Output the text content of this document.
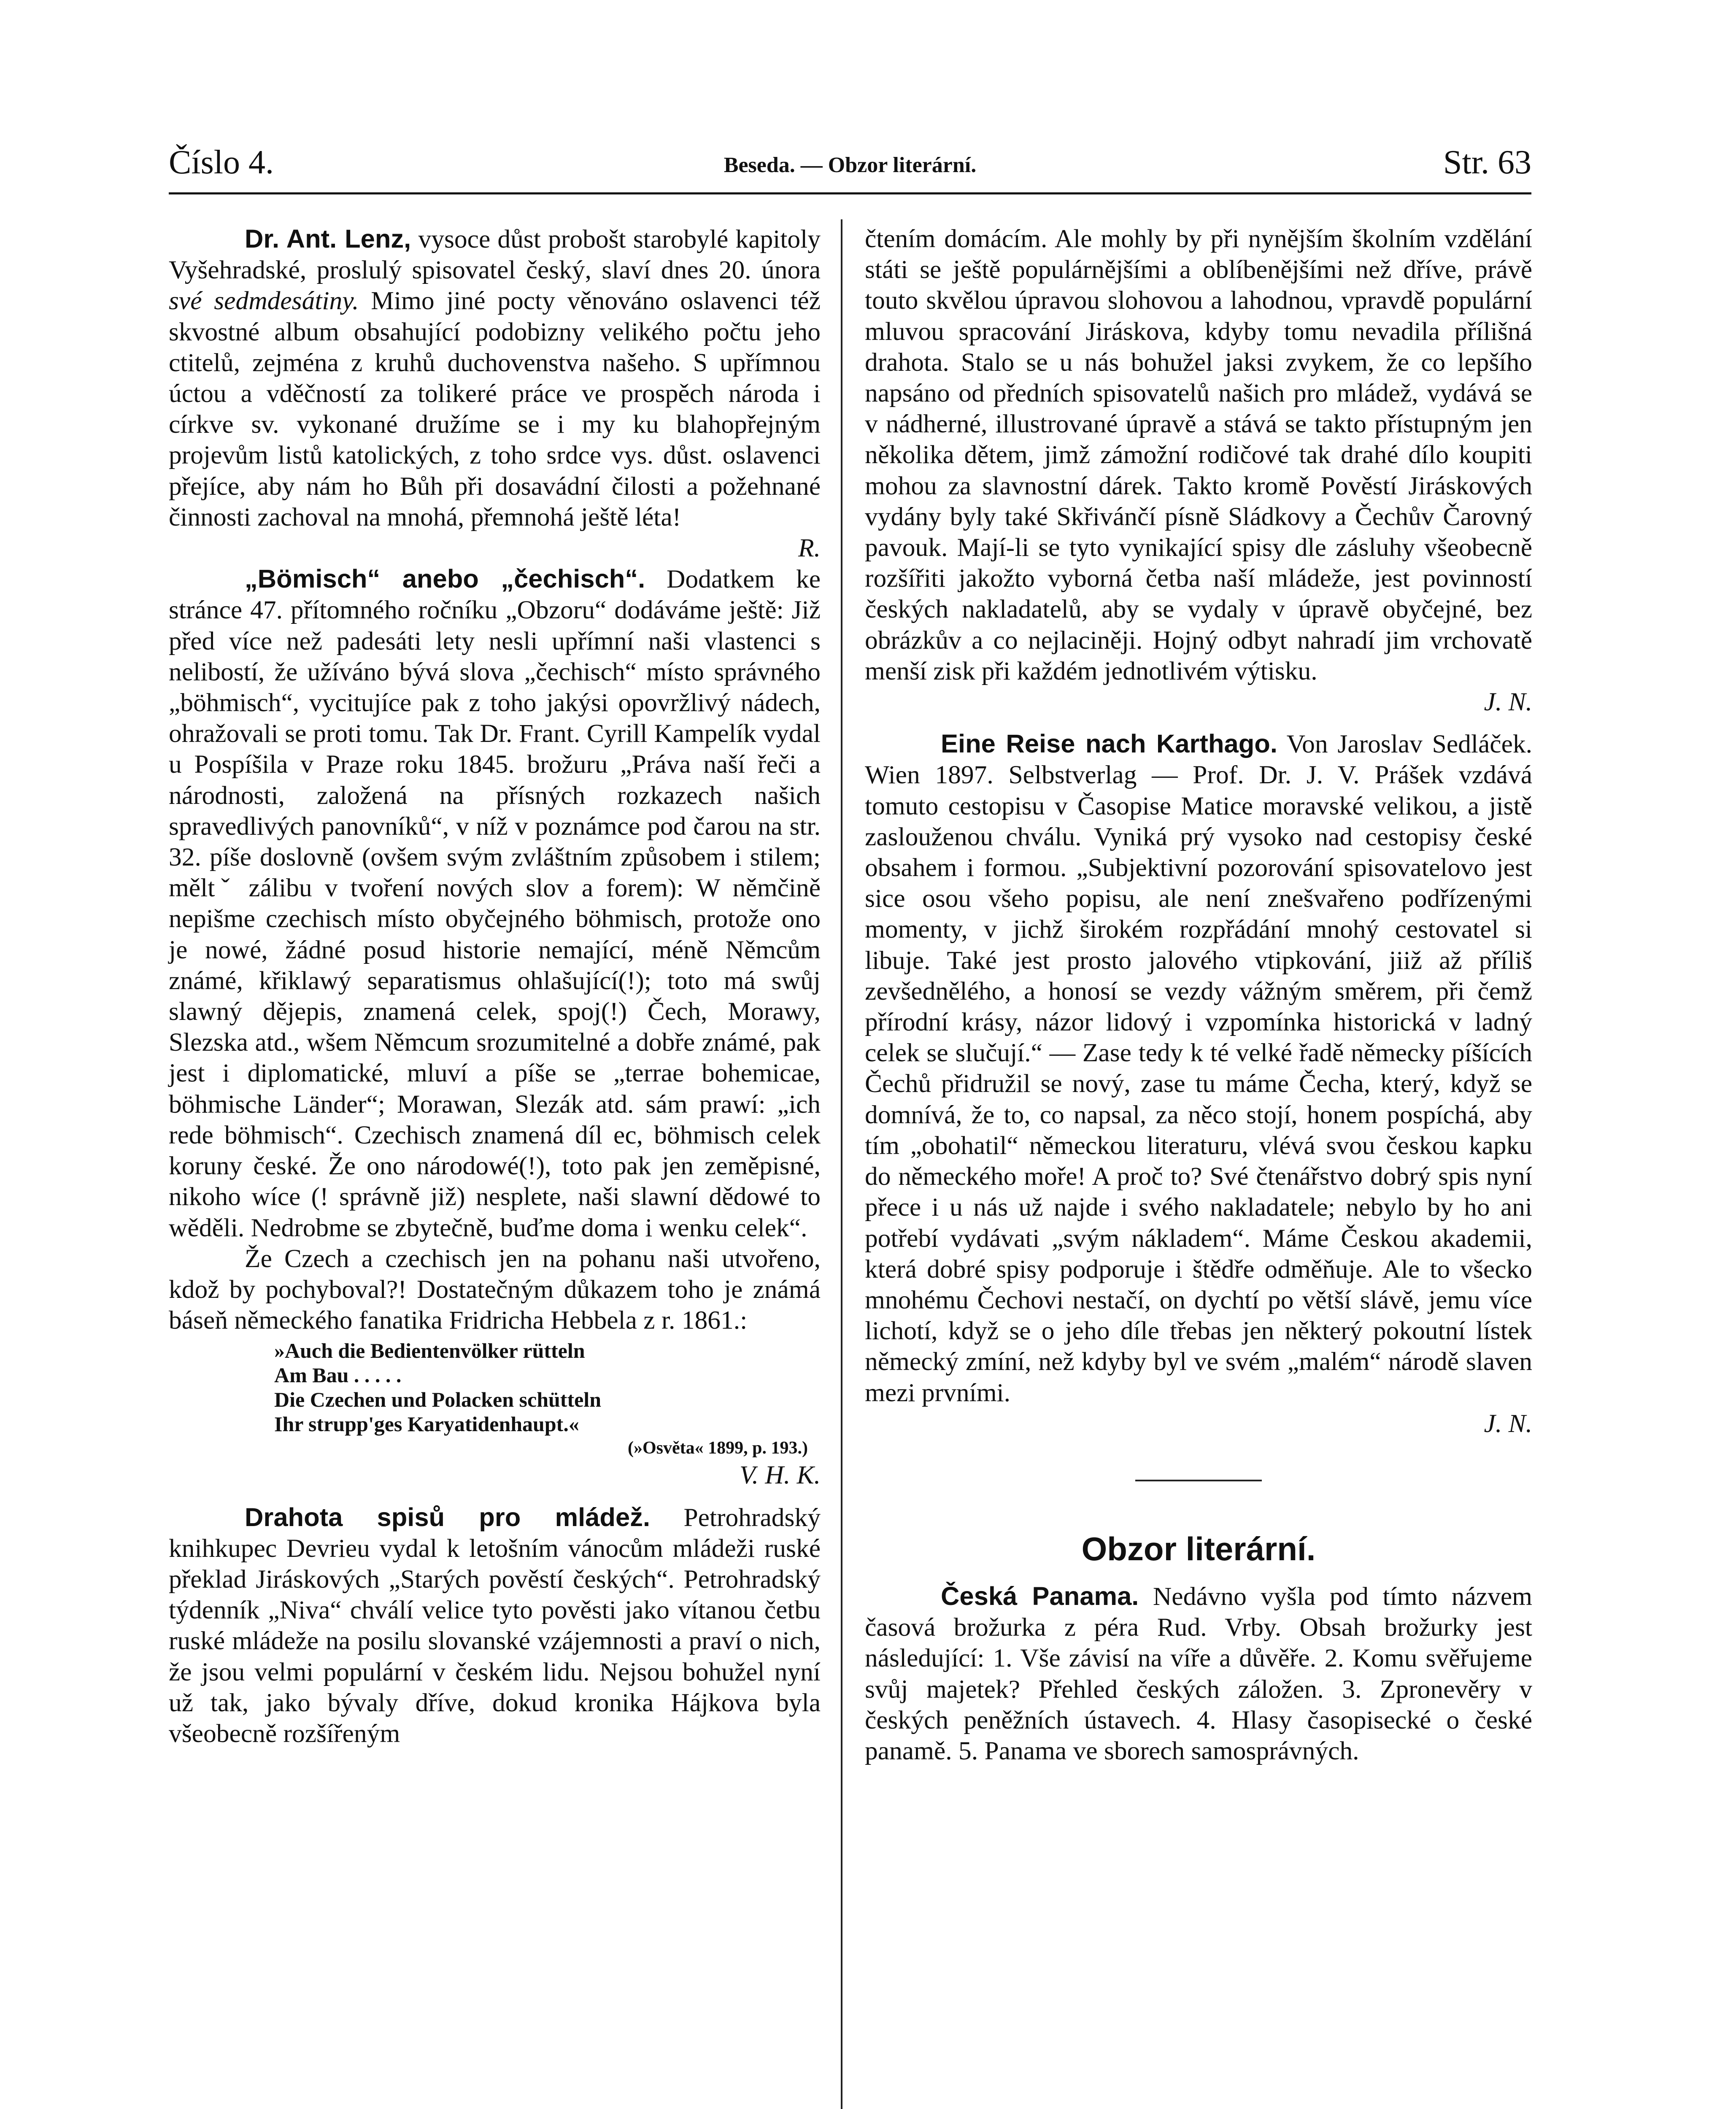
Číslo 4.	Beseda. — Obzor literární.	Str. 63

Dr. Ant. Lenz, vysoce důst probošt starobylé kapitoly Vyšehradské, proslulý spisovatel český, slaví dnes 20. února své sedmdesátiny. Mimo jiné pocty věnováno oslavenci též skvostné album obsahující podobizny velikého počtu jeho ctitelů, zejména z kruhů duchovenstva našeho. S upřímnou úctou a vděčností za tolikeré práce ve prospěch národa i církve sv. vykonané družíme se i my ku blahopřejným projevům listů katolických, z toho srdce vys. důst. oslavenci přejíce, aby nám ho Bůh při dosavádní čilosti a požehnané činnosti zachoval na mnohá, přemnohá ještě léta!

R.

„Bömisch“ anebo „čechisch“. Dodatkem ke stránce 47. přítomného ročníku „Obzoru“ dodáváme ještě: Již před více než padesáti lety nesli upřímní naši vlastenci s nelibostí, že užíváno bývá slova „čechisch“ místo správného „böhmisch“, vycitujíce pak z toho jakýsi opovržlivý nádech, ohražovali se proti tomu. Tak Dr. Frant. Cyrill Kampelík vydal u Pospíšila v Praze roku 1845. brožuru „Práva naší řeči a národnosti, založená na přísných rozkazech našich spravedlivých panovníků“, v níž v poznámce pod čarou na str. 32. píše doslovně (ovšem svým zvláštním způsobem i stilem; měltˇ zálibu v tvoření nových slov a forem): W němčině nepišme czechisch místo obyčejného böhmisch, protože ono je nowé, žádné posud historie nemající, méně Němcům známé, křiklawý separatismus ohlašující(!); toto má swůj slawný dějepis, znamená celek, spoj(!) Čech, Morawy, Slezska atd., wšem Němcum srozumitelné a dobře známé, pak jest i diplomatické, mluví a píše se „terrae bohemicae, böhmische Länder“; Morawan, Slezák atd. sám prawí: „ich rede böhmisch“. Czechisch znamená díl ec, böhmisch celek koruny české. Že ono národowé(!), toto pak jen zeměpisné, nikoho wíce (! správně již) nesplete, naši slawní dědowé to wěděli. Nedrobme se zbytečně, buďme doma i wenku celek“.

Že Czech a czechisch jen na pohanu naši utvořeno, kdož by pochyboval?! Dostatečným důkazem toho je známá báseň německého fanatika Fridricha Hebbela z r. 1861.:

»Auch die Bedientenvölker rütteln
Am Bau . . . . .
Die Czechen und Polacken schütteln
Ihr strupp'ges Karyatidenhaupt.«

(»Osvěta« 1899, p. 193.)

V. H. K.

Drahota spisů pro mládež. Petrohradský knihkupec Devrieu vydal k letošním vánocům mládeži ruské překlad Jiráskových „Starých pověstí českých“. Petrohradský týdenník „Niva“ chválí velice tyto pověsti jako vítanou četbu ruské mládeže na posilu slovanské vzájemnosti a praví o nich, že jsou velmi populární v českém lidu. Nejsou bohužel nyní už tak, jako bývaly dříve, dokud kronika Hájkova byla všeobecně rozšířeným

čtením domácím. Ale mohly by při nynějším školním vzdělání státi se ještě populárnějšími a oblíbenějšími než dříve, právě touto skvělou úpravou slohovou a lahodnou, vpravdě populární mluvou spracování Jiráskova, kdyby tomu nevadila přílišná drahota. Stalo se u nás bohužel jaksi zvykem, že co lepšího napsáno od předních spisovatelů našich pro mládež, vydává se v nádherné, illustrované úpravě a stává se takto přístupným jen několika dětem, jimž zámožní rodičové tak drahé dílo koupiti mohou za slavnostní dárek. Takto kromě Pověstí Jiráskových vydány byly také Skřivánčí písně Sládkovy a Čechův Čarovný pavouk. Mají-li se tyto vynikající spisy dle zásluhy všeobecně rozšířiti jakožto vyborná četba naší mládeže, jest povinností českých nakladatelů, aby se vydaly v úpravě obyčejné, bez obrázkův a co nejlaciněji. Hojný odbyt nahradí jim vrchovatě menší zisk při každém jednotlivém výtisku.

J. N.

Eine Reise nach Karthago. Von Jaroslav Sedláček. Wien 1897. Selbstverlag — Prof. Dr. J. V. Prášek vzdává tomuto cestopisu v Časopise Matice moravské velikou, a jistě zaslouženou chválu. Vyniká prý vysoko nad cestopisy české obsahem i formou. „Subjektivní pozorování spisovatelovo jest sice osou všeho popisu, ale není znešvařeno podřízenými momenty, v jichž širokém rozpřádání mnohý cestovatel si libuje. Také jest prosto jalového vtipkování, jiiž až příliš zevšednělého, a honosí se vezdy vážným směrem, při čemž přírodní krásy, názor lidový i vzpomínka historická v ladný celek se slučují.“ — Zase tedy k té velké řadě německy píšících Čechů přidružil se nový, zase tu máme Čecha, který, když se domnívá, že to, co napsal, za něco stojí, honem pospíchá, aby tím „obohatil“ německou literaturu, vlévá svou českou kapku do německého moře! A proč to? Své čtenářstvo dobrý spis nyní přece i u nás už najde i svého nakladatele; nebylo by ho ani potřebí vydávati „svým nákladem“. Máme Českou akademii, která dobré spisy podporuje i štědře odměňuje. Ale to všecko mnohému Čechovi nestačí, on dychtí po větší slávě, jemu více lichotí, když se o jeho díle třebas jen některý pokoutní lístek německý zmíní, než kdyby byl ve svém „malém“ národě slaven mezi prvními.

J. N.

Obzor literární.

Česká Panama. Nedávno vyšla pod tímto názvem časová brožurka z péra Rud. Vrby. Obsah brožurky jest následující: 1. Vše závisí na víře a důvěře. 2. Komu svěřujeme svůj majetek? Přehled českých záložen. 3. Zpronevěry v českých peněžních ústavech. 4. Hlasy časopisecké o české panamě. 5. Panama ve sborech samosprávných.
